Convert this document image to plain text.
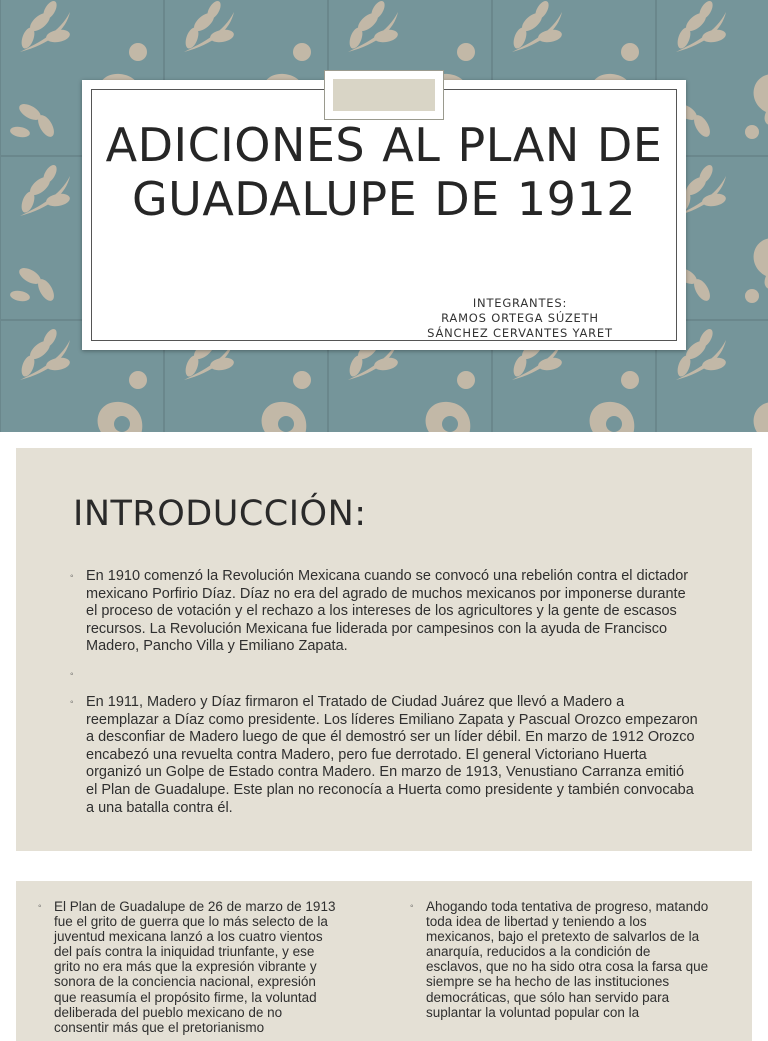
ADICIONES AL PLAN DE GUADALUPE DE 1912
INTEGRANTES:
RAMOS ORTEGA SÚZETH
SÁNCHEZ CERVANTES YARET
INTRODUCCIÓN:

◦ En 1910 comenzó la Revolución Mexicana cuando se convocó una rebelión contra el dictador mexicano Porfirio Díaz. Díaz no era del agrado de muchos mexicanos por imponerse durante el proceso de votación y el rechazo a los intereses de los agricultores y la gente de escasos recursos. La Revolución Mexicana fue liderada por campesinos con la ayuda de Francisco Madero, Pancho Villa y Emiliano Zapata.

◦

◦ En 1911, Madero y Díaz firmaron el Tratado de Ciudad Juárez que llevó a Madero a reemplazar a Díaz como presidente. Los líderes Emiliano Zapata y Pascual Orozco empezaron a desconfiar de Madero luego de que él demostró ser un líder débil. En marzo de 1912 Orozco encabezó una revuelta contra Madero, pero fue derrotado. El general Victoriano Huerta organizó un Golpe de Estado contra Madero. En marzo de 1913, Venustiano Carranza emitió el Plan de Guadalupe. Este plan no reconocía a Huerta como presidente y también convocaba a una batalla contra él.

◦ El Plan de Guadalupe de 26 de marzo de 1913 fue el grito de guerra que lo más selecto de la juventud mexicana lanzó a los cuatro vientos del país contra la iniquidad triunfante, y ese grito no era más que la expresión vibrante y sonora de la conciencia nacional, expresión que reasumía el propósito firme, la voluntad deliberada del pueblo mexicano de no consentir más que el pretorianismo

◦ Ahogando toda tentativa de progreso, matando toda idea de libertad y teniendo a los mexicanos, bajo el pretexto de salvarlos de la anarquía, reducidos a la condición de esclavos, que no ha sido otra cosa la farsa que siempre se ha hecho de las instituciones democráticas, que sólo han servido para suplantar la voluntad popular con la
